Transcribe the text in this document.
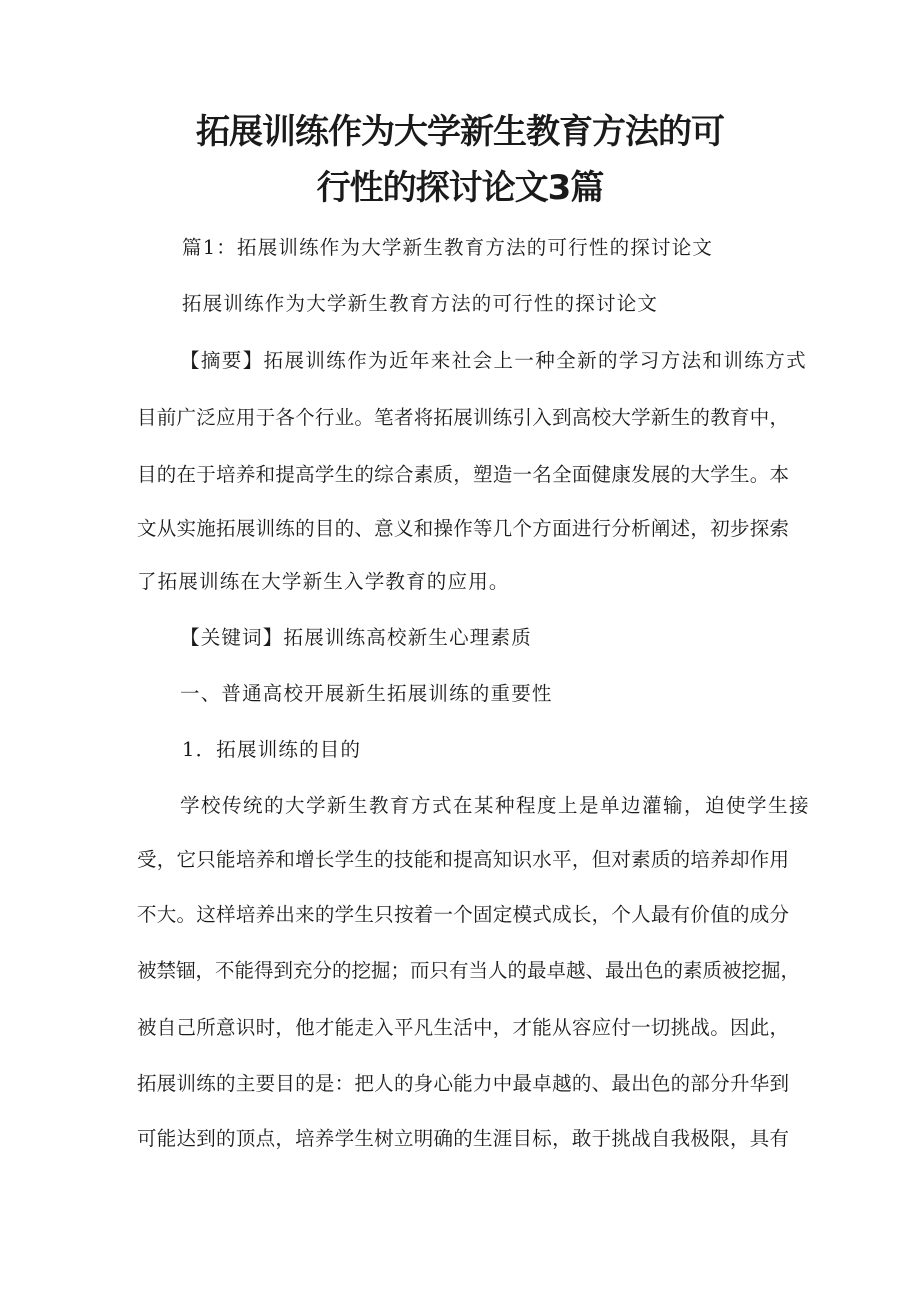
拓展训练作为大学新生教育方法的可
行性的探讨论文3篇
篇1：拓展训练作为大学新生教育方法的可行性的探讨论文
拓展训练作为大学新生教育方法的可行性的探讨论文
【摘要】拓展训练作为近年来社会上一种全新的学习方法和训练方式
目前广泛应用于各个行业。笔者将拓展训练引入到高校大学新生的教育中，
目的在于培养和提高学生的综合素质，塑造一名全面健康发展的大学生。本
文从实施拓展训练的目的、意义和操作等几个方面进行分析阐述，初步探索
了拓展训练在大学新生入学教育的应用。
【关键词】拓展训练高校新生心理素质
一、普通高校开展新生拓展训练的重要性
1．拓展训练的目的
学校传统的大学新生教育方式在某种程度上是单边灌输，迫使学生接
受，它只能培养和增长学生的技能和提高知识水平，但对素质的培养却作用
不大。这样培养出来的学生只按着一个固定模式成长，个人最有价值的成分
被禁锢，不能得到充分的挖掘；而只有当人的最卓越、最出色的素质被挖掘，
被自己所意识时，他才能走入平凡生活中，才能从容应付一切挑战。因此，
拓展训练的主要目的是：把人的身心能力中最卓越的、最出色的部分升华到
可能达到的顶点，培养学生树立明确的生涯目标，敢于挑战自我极限，具有
